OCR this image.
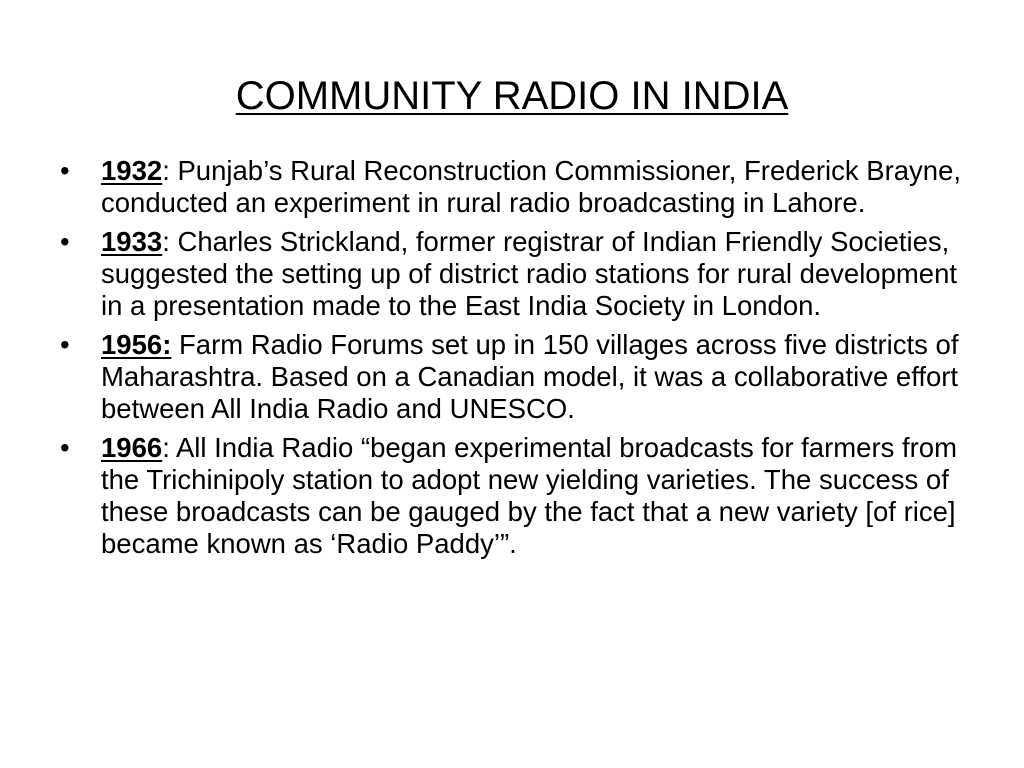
COMMUNITY RADIO IN INDIA
• 1932: Punjab’s Rural Reconstruction Commissioner, Frederick Brayne, conducted an experiment in rural radio broadcasting in Lahore.
• 1933: Charles Strickland, former registrar of Indian Friendly Societies, suggested the setting up of district radio stations for rural development in a presentation made to the East India Society in London.
• 1956: Farm Radio Forums set up in 150 villages across five districts of Maharashtra. Based on a Canadian model, it was a collaborative effort between All India Radio and UNESCO.
• 1966: All India Radio “began experimental broadcasts for farmers from the Trichinipoly station to adopt new yielding varieties. The success of these broadcasts can be gauged by the fact that a new variety [of rice] became known as ‘Radio Paddy’”.
